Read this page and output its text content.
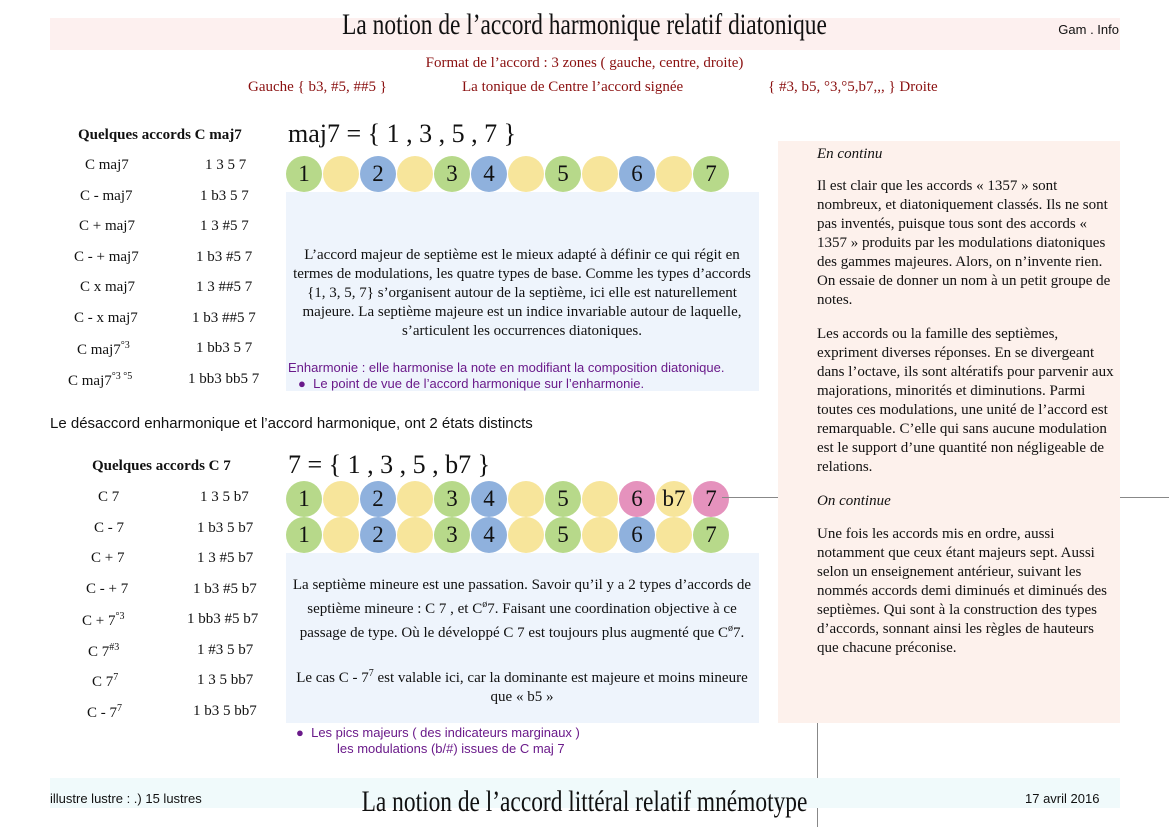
La notion de l’accord harmonique relatif diatonique	Gam . Info
Format de l’accord : 3 zones ( gauche, centre, droite)
Gauche { b3, #5, ##5 }	La tonique de Centre l’accord signée	{ #3, b5, °3,°5,b7,,, } Droite
Quelques accords C maj7
C maj7	1 3 5 7
C - maj7	1 b3 5 7
C + maj7	1 3 #5 7
C - + maj7	1 b3 #5 7
C x maj7	1 3 ##5 7
C - x maj7	1 b3 ##5 7
C $maj7^{^\circ 3}$	1 bb3 5 7
C $maj7^{^\circ 3 ^\circ 5}$	1 bb3 bb5 7
maj7 = { 1 , 3 , 5 , 7 }
1	2	3	4	5	6	7
L’accord majeur de septième est le mieux adapté à définir ce qui régit en termes de modulations, les quatre types de base. Comme les types d’accords {1, 3, 5, 7} s’organisent autour de la septième, ici elle est naturellement majeure. La septième majeure est un indice invariable autour de laquelle, s’articulent les occurrences diatoniques.
Enharmonie : elle harmonise la note en modifiant la composition diatonique.
● Le point de vue de l’accord harmonique sur l’enharmonie.
Le désaccord enharmonique et l’accord harmonique, ont 2 états distincts
Quelques accords C 7
C 7	1 3 5 b7
C - 7	1 b3 5 b7
C + 7	1 3 #5 b7
C - + 7	1 b3 #5 b7
$C + 7^{^\circ 3}$	1 bb3 #5 b7
C 7$^{\#3}$	1 #3 5 b7
C $7^7$	1 3 5 bb7
C - $7^7$	1 b3 5 bb7
7 = { 1 , 3 , 5 , b7 }
1	2	3	4	5	6 b7 7
1	2	3	4	5	6	7
La septième mineure est une passation. Savoir qu’il y a 2 types d’accords de septième mineure : C 7 , et $C^ø7$. Faisant une coordination objective à ce passage de type. Où le développé C 7 est toujours plus augmenté que $C^ø7$.
Le cas C - $7^7$ est valable ici, car la dominante est majeure et moins mineure que « b5 »
● Les pics majeurs ( des indicateurs marginaux )
les modulations (b/#) issues de C maj 7
En continu
Il est clair que les accords « 1357 » sont nombreux, et diatoniquement classés. Ils ne sont pas inventés, puisque tous sont des accords « 1357 » produits par les modulations diatoniques des gammes majeures. Alors, on n’invente rien. On essaie de donner un nom à un petit groupe de notes.
Les accords ou la famille des septièmes, expriment diverses réponses. En se divergeant dans l’octave, ils sont altératifs pour parvenir aux majorations, minorités et diminutions. Parmi toutes ces modulations, une unité de l’accord est remarquable. C’elle qui sans aucune modulation est le support d’une quantité non négligeable de relations.
On continue
Une fois les accords mis en ordre, aussi notamment que ceux étant majeurs sept. Aussi selon un enseignement antérieur, suivant les nommés accords demi diminués et diminués des septièmes. Qui sont à la construction des types d’accords, sonnant ainsi les règles de hauteurs que chacune préconise.
illustre lustre : .) 15 lustres	La notion de l’accord littéral relatif mnémotype	17 avril 2016
